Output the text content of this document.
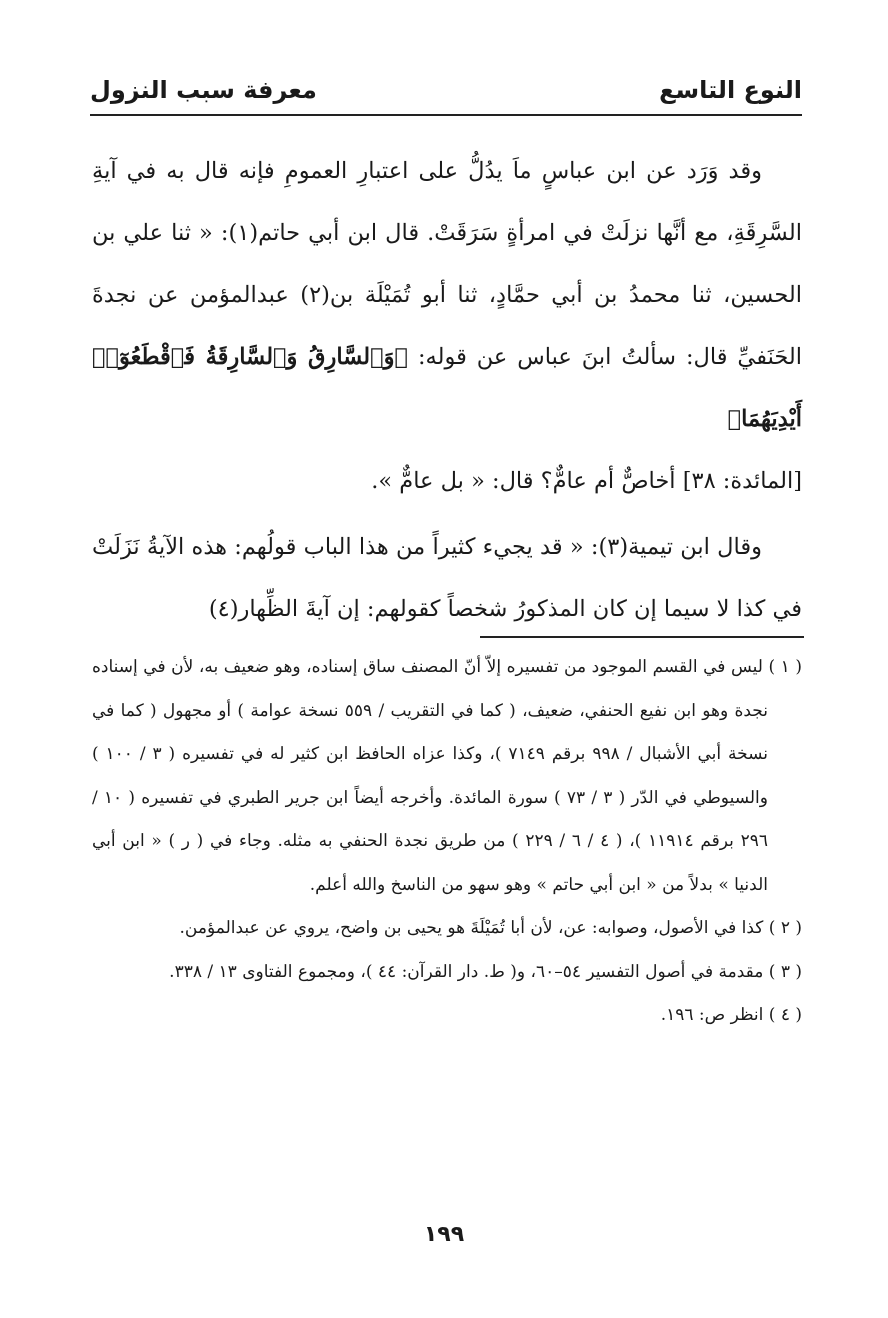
النوع التاسع
معرفة سبب النزول

وقد وَرَد عن ابن عباسٍ ماَ يدُلُّ على اعتبارِ العمومِ فإنه قال به في آيةِ السَّرِقَةِ، مع أنَّها نزلَتْ في امرأةٍ سَرَقَتْ. قال ابن أبي حاتم(١): « ثنا علي بن الحسين، ثنا محمدُ بن أبي حمَّادٍ، ثنا أبو تُمَيْلَة بن(٢) عبدالمؤمن عن نجدةَ الحَنَفيِّ قال: سألتُ ابنَ عباس عن قوله: ﴿وَٱلسَّارِقُ وَٱلسَّارِقَةُ فَٱقْطَعُوٓا۟ أَيْدِيَهُمَا﴾
[المائدة: ٣٨] أخاصٌّ أم عامٌّ؟ قال: « بل عامٌّ ».

وقال ابن تيمية(٣): « قد يجيء كثيراً من هذا الباب قولُهم: هذه الآيةُ نَزَلَتْ في كذا لا سيما إن كان المذكورُ شخصاً كقولهم: إن آيةَ الظِّهار(٤)

( ١ ) ليس في القسم الموجود من تفسيره إلاّ أنّ المصنف ساق إسناده، وهو ضعيف به، لأن في إسناده نجدة وهو ابن نفيع الحنفي، ضعيف، ( كما في التقريب / ٥٥٩ نسخة عوامة ) أو مجهول ( كما في نسخة أبي الأشبال / ٩٩٨ برقم ٧١٤٩ )، وكذا عزاه الحافظ ابن كثير له في تفسيره ( ٣ / ١٠٠ ) والسيوطي في الدّر ( ٣ / ٧٣ ) سورة المائدة. وأخرجه أيضاً ابن جرير الطبري في تفسيره ( ١٠ / ٢٩٦ برقم ١١٩١٤ )، ( ٤ / ٦ / ٢٢٩ ) من طريق نجدة الحنفي به مثله. وجاء في ( ر ) « ابن أبي الدنيا » بدلاً من « ابن أبي حاتم » وهو سهو من الناسخ والله أعلم.

( ٢ ) كذا في الأصول، وصوابه: عن، لأن أبا تُمَيْلَةَ هو يحيى بن واضح، يروي عن عبدالمؤمن.

( ٣ ) مقدمة في أصول التفسير ٥٤–٦٠، و( ط. دار القرآن: ٤٤ )، ومجموع الفتاوى ١٣ / ٣٣٨.

( ٤ ) انظر ص: ١٩٦.

١٩٩
